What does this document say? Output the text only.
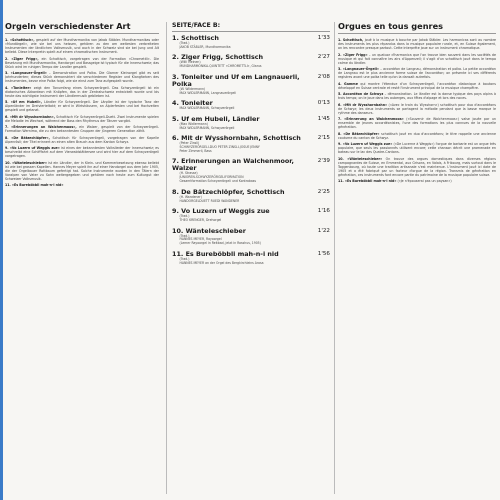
Orgeln verschiedenster Art

1. «Schottisch», gespielt auf der Mundharmonika von Jakob Stäbler. Mundharmonikas oder «Mundörgeli», wie sie bei uns heissen, gehören zu den am weitesten verbreiteten Instrumenten der ländlichen Volksmusik, und auch in der Schweiz sind sie bei Jung und Alt beliebt. Diese Interpretin spielt auf einem chromatischen Instrument.

2. «Ziger Frigg», ein Schottisch, vorgetragen von der Formation «Chromettli». Die Besetzung mit Mundharmonika, Handorgel und Bassgeige ist typisch für die Innerschweiz; das Stück wird im ruhigen Tempo der Landler gespielt.

3. «Langnauer-Örgeli» – Demonstration und Polka. Die Glarner Kleinorgel gibt es seit Jahrhunderten; dieses Stück demonstriert die verschiedenen Register und Klangfarben des Instrumentes, bevor eine Polka folgt, wie sie einst zum Tanz aufgespielt wurde.

4. «Tonleiter» zeigt den Tonumfang eines Schwyzerörgeli. Das Schwyzerörgeli ist ein diatonisches Akkordeon mit Knöpfen, das in der Zentralschweiz entwickelt wurde und bis heute das wichtigste Instrument der Ländlermusik geblieben ist.

5. «Uf em Hubeli», Ländler für Schwyzerörgeli. Der Ländler ist der typische Tanz der Alpenländer im Dreivierteltakt; er wird in Wirtshäusern, an Älplerfesten und bei Hochzeiten gespielt und getanzt.

6. «Mit dr Wysshornbahn», Schottisch für Schwyzerörgeli-Duett. Zwei Instrumente spielen die Melodie im Wechsel, während der Bass den Rhythmus der Tänzer vorgibt.

7. «Erinnerungen an Walchenmoos», ein Walzer, gespielt von der Schwyzerörgeli-Formation Wernimo, die zu den bekanntesten Gruppen der jüngeren Generation zählt.

8. «De Bätzechlöpfer», Schottisch für Schwyzerörgeli, vorgetragen von der Kapelle Alpenrösli; der Titel erinnert an einen alten Brauch aus dem Kanton Schwyz.

9. «Vo Luzern uf Weggis zue» ist eines der bekanntesten Volkslieder der Innerschweiz; es beschreibt eine Schifffahrt auf dem Vierwaldstättersee und wird hier auf dem Schwyzerörgeli vorgetragen.

10. «Wänteleschieber» ist ein Ländler, der in Klein- und Kammerbesetzung ebenso beliebt ist wie bei grossen Kapellen. Hannes Meyer spielt ihn auf einer Handorgel aus dem Jahr 1905, die der Orgelbauer Rottbaum gefertigt hat. Solche Instrumente wurden in den Tälern der Voralpen von Vater zu Sohn weitergegeben und gehören noch heute zum Kulturgut der Schweizer Volksmusik.

11. «Es Bureböbbli mah-n-i nid»

SEITE/FACE B:
1. Schottisch	1'33
(Trad.)
JAKOB STÄBLER, Mundharmonika
2. Ziger Frigg, Schottisch	2'27
(Willi Meinen)
MUNDHARMONIKA-QUINTETT «CHROMETTLI», Glarus
3. Tonleiter und Uf em Langnauerli, Polka
2'08
(W. Wildermann)
MAX WIDLERMANN, Langnauerörgeli
4. Tonleiter	0'13
MAX WIDLERMANN, Schwyzerörgeli
5. Uf em Hubeli, Ländler	1'45
(Max Widlermann)
MAX WIDLERMANN, Schwyzerörgeli
6. Mit dr Wysshornbahn, Schottisch	2'15
(Peter Zinsli)
SCHWYZERÖRGELI-DUO PETER ZINSLI-JOSUE JENNY
Peter Zimmerli, Bass
7. Erinnerungen an Walchenmoor, Walzer
2'39
(H. Strasse)
JUNIOREN-SCHWYZERÖRGELIFORMATION
Gesamtformation Schwyzerörgeli und Kontrabass
8. De Bätzechlöpfer, Schottisch	2'25
(H. Wandener)
HANDORGELDUETT RUEDI WANDENER
9. Vo Luzern uf Weggis zue	1'16
(Trad.)
THEO KRENGER, Drehorgel
10. Wänteleschieber	1'22
(Trad.)
HANNES MEYER, Rayoorgel
(Lemer Rayoorgel in Reitbad, jetzt in Rosshus, 1905)
11. Es Bureböbbli mah-n-i nid	1'56
(Trad.)
HANNES MEYER an der Orgel des Bergkirchleins Arosa
Orgues en tous genres

1. Schottisch, joué à la musique à bouche par Jakob Stäbler. Les harmonicas sont au nombre des instruments les plus répandus dans la musique populaire rurale, et, en Suisse également, on les rencontre presque partout. Cette interprète joue sur un instrument chromatique.

2. «Ziger Frigg» – un quatuor d'harmonica que l'on trouve bien souvent dans les sociétés de musique et qui fait connaître les airs d'Appenzell; il s'agit d'un schottisch joué dans le tempo calme du ländler.

3. «Langnauer-Örgeli» – accordéon de Langnau, démonstration et polka. La petite accordéon de Langnau est le plus ancienne forme suisse de l'accordéon; on présente ici ses différents registres avant une polka telle qu'on la dansait autrefois.

4. Gamme qui montre l'étendue d'un Schwyzerörgeli, l'accordéon diatonique à boutons développé en Suisse centrale et resté l'instrument principal de la musique champêtre.

5. Accordéon de Schwyz – démonstration. Le ländler est la danse typique des pays alpins à trois temps; on le joue dans les auberges, aux fêtes d'alpage et lors des noces.

6. «Mit dr Wysshornbahn» («Avec le train du Wysshorn») schottisch pour duo d'accordéons de Schwyz; les deux instruments se partagent la mélodie pendant que la basse marque le rythme des danseurs.

7. «Erinnerung an Walchenmoos» («Souvenir de Walchenmoos») valse jouée par un ensemble de jeunes accordéonistes, l'une des formations les plus connues de la nouvelle génération.

8. «De Bätzechlöpfer» schottisch joué en duo d'accordéons; le titre rappelle une ancienne coutume du canton de Schwyz.

9. «Vo Luzern uf Weggis zue» («De Lucerne à Weggis») l'orgue de barbarie est un orgue très populaire, que seuls les passionnés utilisent encore; cette chanson décrit une promenade en bateau sur le lac des Quatre-Cantons.

10. «Wänteleschieber» On trouve des orgues domestiques dans diverses régions campagnardes de Suisse, en Emmental, aux Grisons, en Valais, à Fribourg, mais surtout dans le Toggenbourg, où toute une tradition artisanale s'est maintenue. L'instrument joué ici date de 1905 et a été fabriqué par un facteur d'orgue de la région. Transmis de génération en génération, ces instruments font encore partie du patrimoine de la musique populaire suisse.

11. «Es Bureböbbli mah-n-i nid» («Je n'épouserai pas un paysan»)
